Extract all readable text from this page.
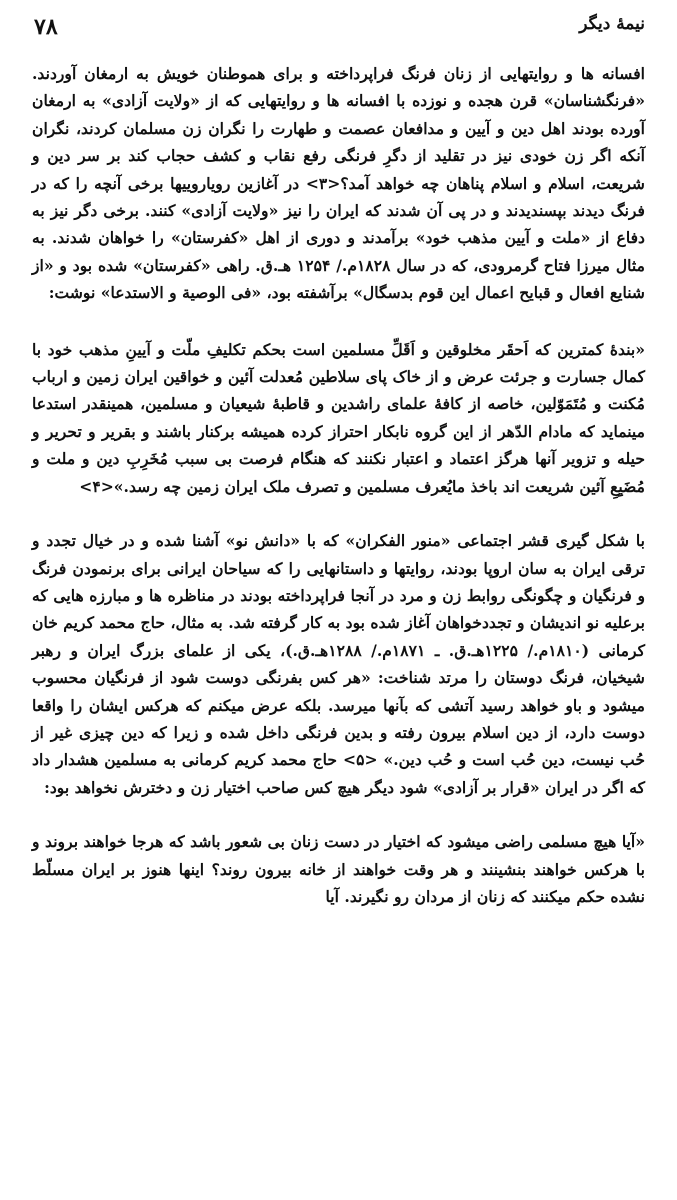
نیمهٔ دیگر
۷۸

افسانه ها و روایتهایی از زنان فرنگ فراپرداخته و برای هموطنان خویش به ارمغان آوردند. «فرنگشناسان» قرن هجده و نوزده با افسانه ها و روایتهایی که از «ولایت آزادی» به ارمغان آورده بودند اهل دین و آیین و مدافعان عصمت و طهارت را نگران زن مسلمان کردند، نگران آنکه اگر زن خودی نیز در تقلید از دگرِ فرنگی رفع نقاب و کشف حجاب کند بر سر دین و شریعت، اسلام و اسلام پناهان چه خواهد آمد؟<۳> در آغازین رویاروییها برخی آنچه را که در فرنگ دیدند بپسندیدند و در پی آن شدند که ایران را نیز «ولایت آزادی» کنند. برخی دگر نیز به دفاع از «ملت و آیین مذهب خود» برآمدند و دوری از اهل «کفرستان» را خواهان شدند. به مثال میرزا فتاح گرمرودی، که در سال ۱۸۲۸م./ ۱۲۵۴ هـ.ق. راهی «کفرستان» شده بود و «از شنایع افعال و قبایح اعمال این قوم بدسگال» برآشفته بود، «فی الوصیة و الاستدعا» نوشت:

«بندهٔ کمترین که اَحقَر مخلوقین و اَقَلِّ مسلمین است بحکم تکلیفِ ملّت و آیینِ مذهب خود با کمال جسارت و جرئت عرض و از خاک پای سلاطین مُعدلت آئین و خواقین ایران زمین و ارباب مُکنت و مُتَمَوّلین، خاصه از کافهٔ علمای راشدین و قاطبهٔ شیعیان و مسلمین، همینقدر استدعا مینماید که مادام الدّهر از این گروه نابکار احتراز کرده همیشه برکنار باشند و بقریر و تحریر و حیله و تزویر آنها هرگز اعتماد و اعتبار نکنند که هنگام فرصت بی سبب مُخَرِبِ دین و ملت و مُضَیِعِ آئین شریعت اند باخذ مایُعرف مسلمین و تصرف ملک ایران زمین چه رسد.»<۴>

با شکل گیری قشر اجتماعی «منور الفکران» که با «دانش نو» آشنا شده و در خیال تجدد و ترقی ایران به سان اروپا بودند، روایتها و داستانهایی را که سیاحان ایرانی برای برنمودن فرنگ و فرنگیان و چگونگی روابط زن و مرد در آنجا فراپرداخته بودند در مناظره ها و مبارزه هایی که برعلیه نو اندیشان و تجددخواهان آغاز شده بود به کار گرفته شد. به مثال، حاج محمد کریم خان کرمانی (۱۸۱۰م./ ۱۲۲۵هـ.ق. ـ ۱۸۷۱م./ ۱۲۸۸هـ.ق.)، یکی از علمای بزرگ ایران و رهبر شیخیان، فرنگ دوستان را مرتد شناخت: «هر کس بفرنگی دوست شود از فرنگیان محسوب میشود و باو خواهد رسید آتشی که بآنها میرسد. بلکه عرض میکنم که هرکس ایشان را واقعا دوست دارد، از دین اسلام بیرون رفته و بدین فرنگی داخل شده و زیرا که دین چیزی غیر از حُب نیست، دین حُب است و حُب دین.» <۵> حاج محمد کریم کرمانی به مسلمین هشدار داد که اگر در ایران «قرار بر آزادی» شود دیگر هیچ کس صاحب اختیار زن و دخترش نخواهد بود:

«آیا هیچ مسلمی راضی میشود که اختیار در دست زنان بی شعور باشد که هرجا خواهند بروند و با هرکس خواهند بنشینند و هر وقت خواهند از خانه بیرون روند؟ اینها هنوز بر ایران مسلّط نشده حکم میکنند که زنان از مردان رو نگیرند. آیا
